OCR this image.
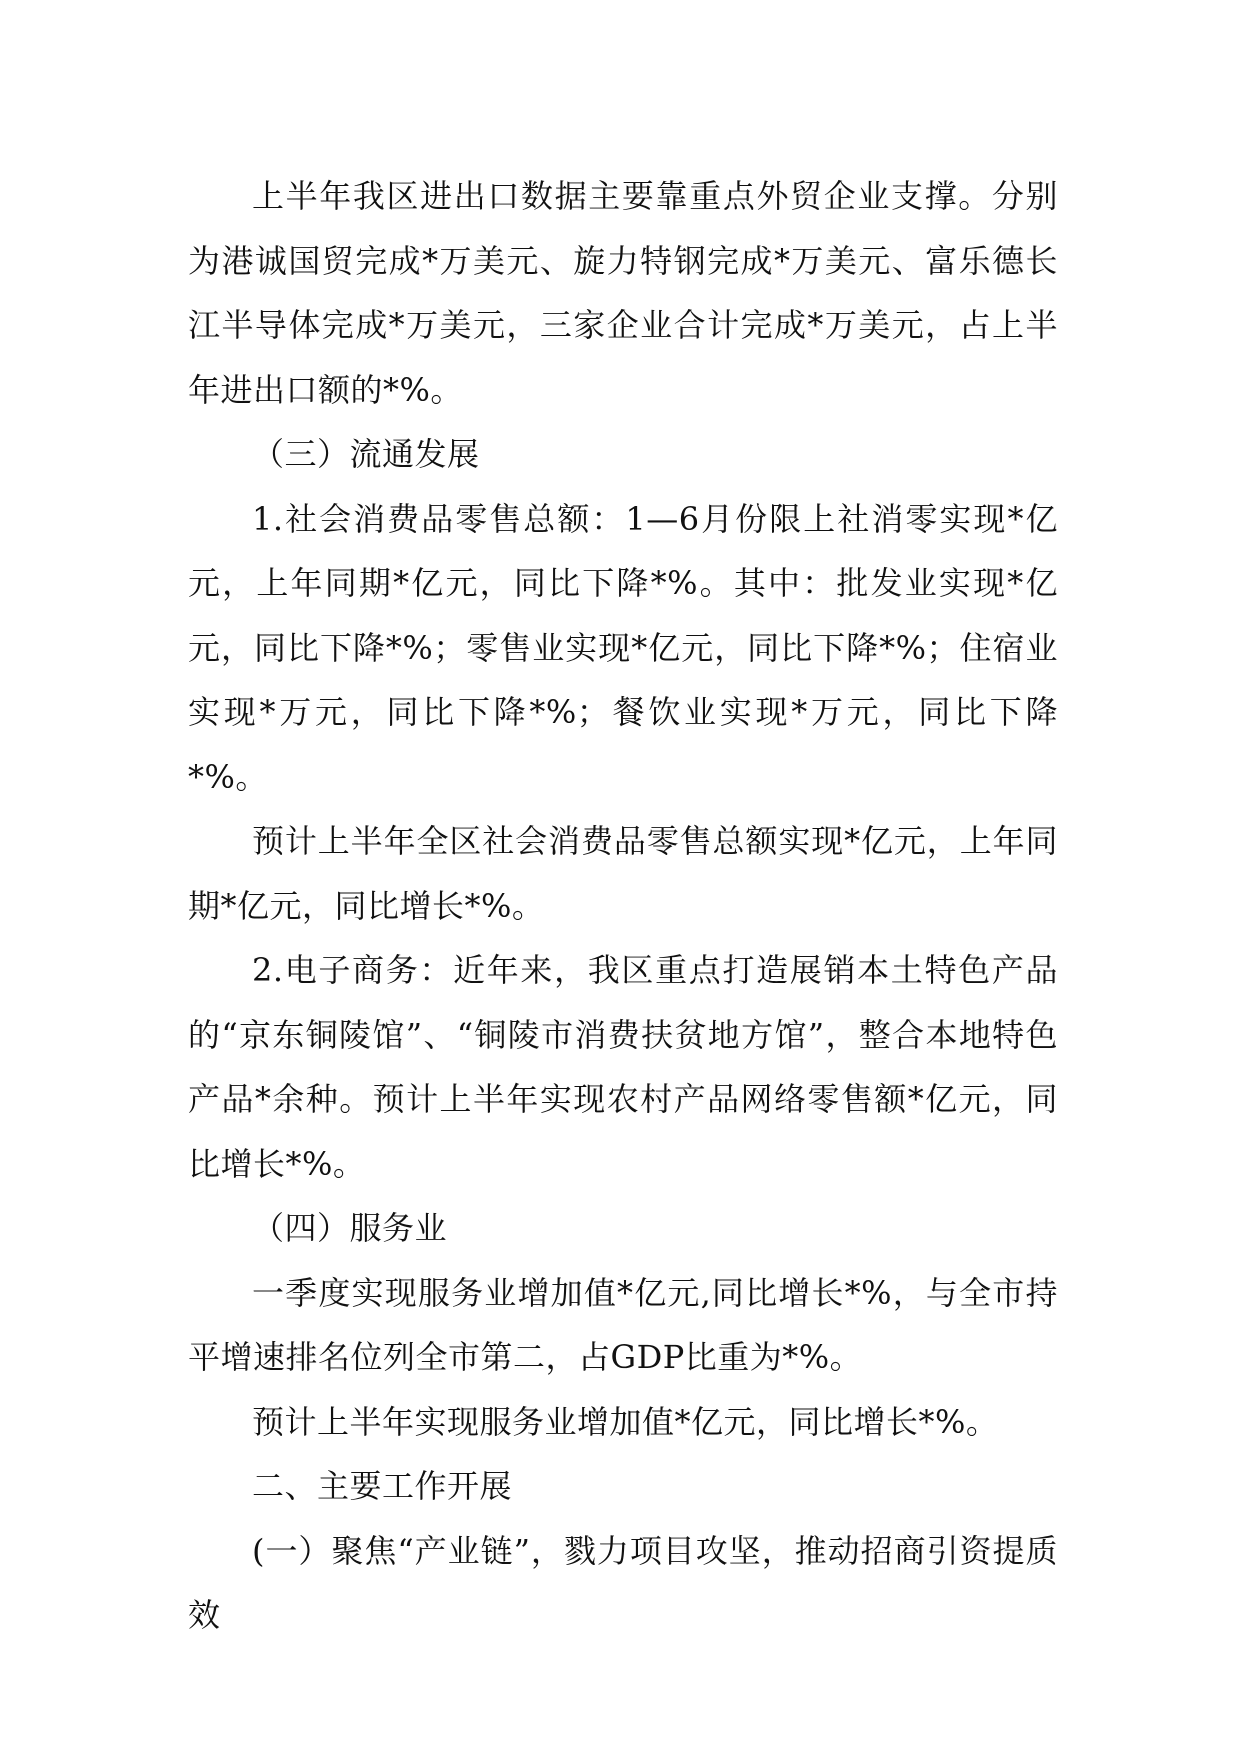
上半年我区进出口数据主要靠重点外贸企业支撑。分别为港诚国贸完成*万美元、旋力特钢完成*万美元、富乐德长江半导体完成*万美元，三家企业合计完成*万美元，占上半年进出口额的*%。

（三）流通发展

1.社会消费品零售总额：1—6月份限上社消零实现*亿元，上年同期*亿元，同比下降*%。其中：批发业实现*亿元，同比下降*%；零售业实现*亿元，同比下降*%；住宿业实现*万元，同比下降*%；餐饮业实现*万元，同比下降*%。

预计上半年全区社会消费品零售总额实现*亿元，上年同期*亿元，同比增长*%。

2.电子商务：近年来，我区重点打造展销本土特色产品的“京东铜陵馆”、“铜陵市消费扶贫地方馆”，整合本地特色产品*余种。预计上半年实现农村产品网络零售额*亿元，同比增长*%。

（四）服务业

一季度实现服务业增加值*亿元,同比增长*%，与全市持平增速排名位列全市第二，占GDP比重为*%。

预计上半年实现服务业增加值*亿元，同比增长*%。

二、主要工作开展

(一）聚焦“产业链”，戮力项目攻坚，推动招商引资提质效
